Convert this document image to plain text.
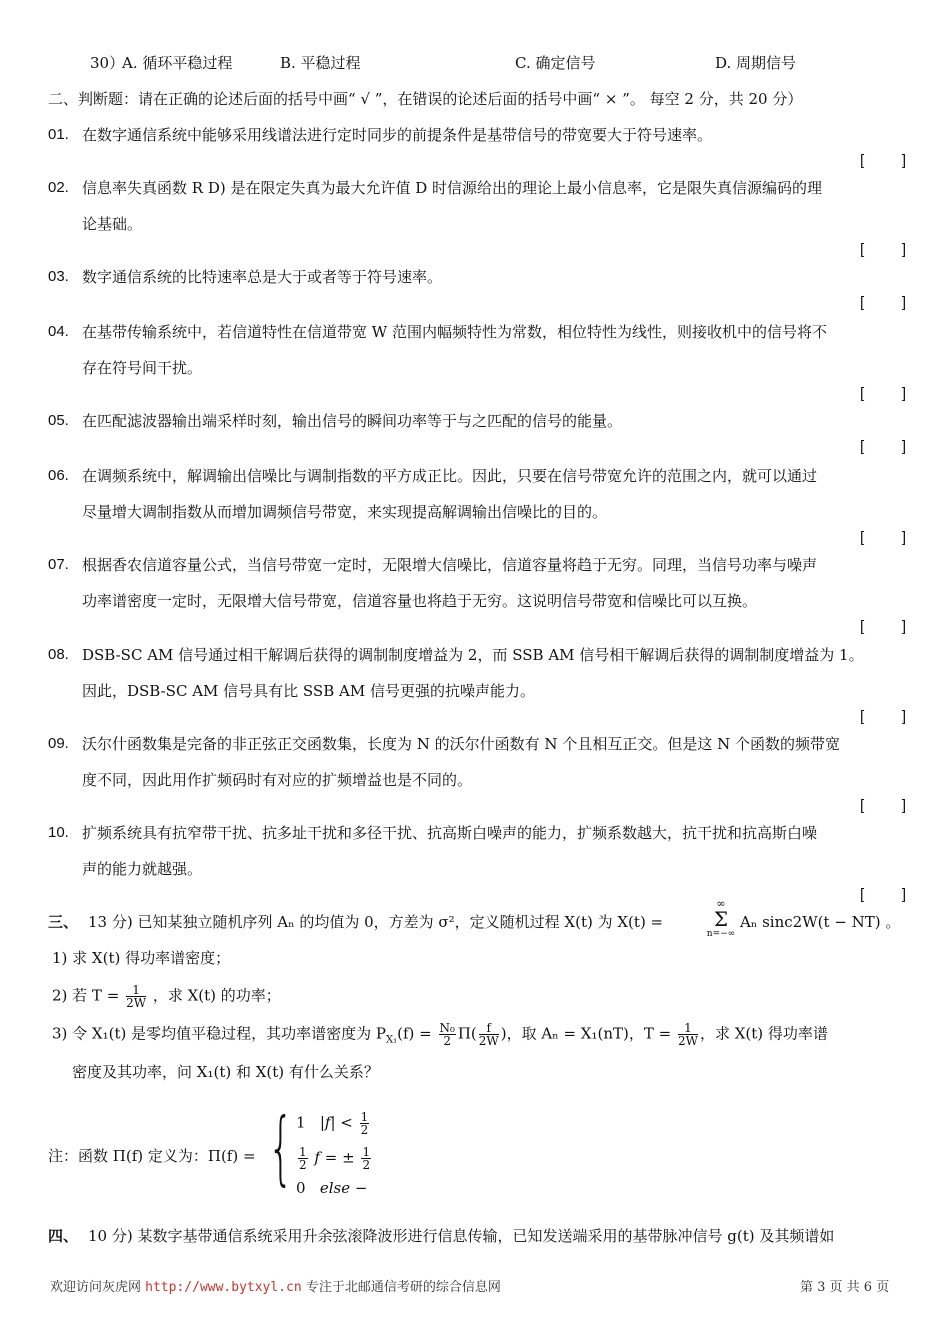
30）
A. 循环平稳过程	B. 平稳过程	C. 确定信号	D. 周期信号
二、判断题：请在正确的论述后面的括号中画“ √ ”，在错误的论述后面的括号中画“ × ”。 每空 2 分，共 20 分）
01. 在数字通信系统中能够采用线谱法进行定时同步的前提条件是基带信号的带宽要大于符号速率。
[	]
02. 信息率失真函数 R D) 是在限定失真为最大允许值 D 时信源给出的理论上最小信息率，它是限失真信源编码的理
论基础。
[	]
03. 数字通信系统的比特速率总是大于或者等于符号速率。
[	]
04. 在基带传输系统中，若信道特性在信道带宽 W 范围内幅频特性为常数，相位特性为线性，则接收机中的信号将不
存在符号间干扰。
[	]
05. 在匹配滤波器输出端采样时刻，输出信号的瞬间功率等于与之匹配的信号的能量。
[	]
06. 在调频系统中，解调输出信噪比与调制指数的平方成正比。因此，只要在信号带宽允许的范围之内，就可以通过
尽量增大调制指数从而增加调频信号带宽，来实现提高解调输出信噪比的目的。
[	]
07. 根据香农信道容量公式，当信号带宽一定时，无限增大信噪比，信道容量将趋于无穷。同理，当信号功率与噪声
功率谱密度一定时，无限增大信号带宽，信道容量也将趋于无穷。这说明信号带宽和信噪比可以互换。
[	]
08. DSB-SC AM 信号通过相干解调后获得的调制制度增益为 2，而 SSB AM 信号相干解调后获得的调制制度增益为 1。
因此，DSB-SC AM 信号具有比 SSB AM 信号更强的抗噪声能力。
[	]
09. 沃尔什函数集是完备的非正弦正交函数集，长度为 N 的沃尔什函数有 N 个且相互正交。但是这 N 个函数的频带宽
度不同，因此用作扩频码时有对应的扩频增益也是不同的。
[	]
10. 扩频系统具有抗窄带干扰、抗多址干扰和多径干扰、抗高斯白噪声的能力，扩频系数越大，抗干扰和抗高斯白噪
声的能力就越强。
[	]
三、 13 分) 已知某独立随机序列 Aₙ 的均值为 0，方差为 σ²，定义随机过程 X(t) 为 X(t) =
∞
Σ
n=−∞
Aₙ sinc2W(t − NT) 。
1) 求 X(t) 得功率谱密度；
2) 若 $T = \frac{1}{2W}$ ，求 X(t) 的功率；
3) 令 X₁(t) 是零均值平稳过程，其功率谱密度为 $P_{X_1}(f) = \frac{\text{N₀}}{2} \Pi( \frac{f}{2W}$ )，取 Aₙ = X₁(nT)，$T = \frac{1}{2W}$ ，求 X(t) 得功率谱
密度及其功率，问 X₁(t) 和 X(t) 有什么关系？
注：函数 Π(f) 定义为：Π(f) = { 1 $|f| < \frac{1}{2}$
$\frac{1}{2}$ f = ± $\frac{1}{2}$
0 else −
四、 10 分) 某数字基带通信系统采用升余弦滚降波形进行信息传输，已知发送端采用的基带脉冲信号 g(t) 及其频谱如
欢迎访问灰虎网 http://www.bytxyl.cn 专注于北邮通信考研的综合信息网	第 3 页 共 6 页
